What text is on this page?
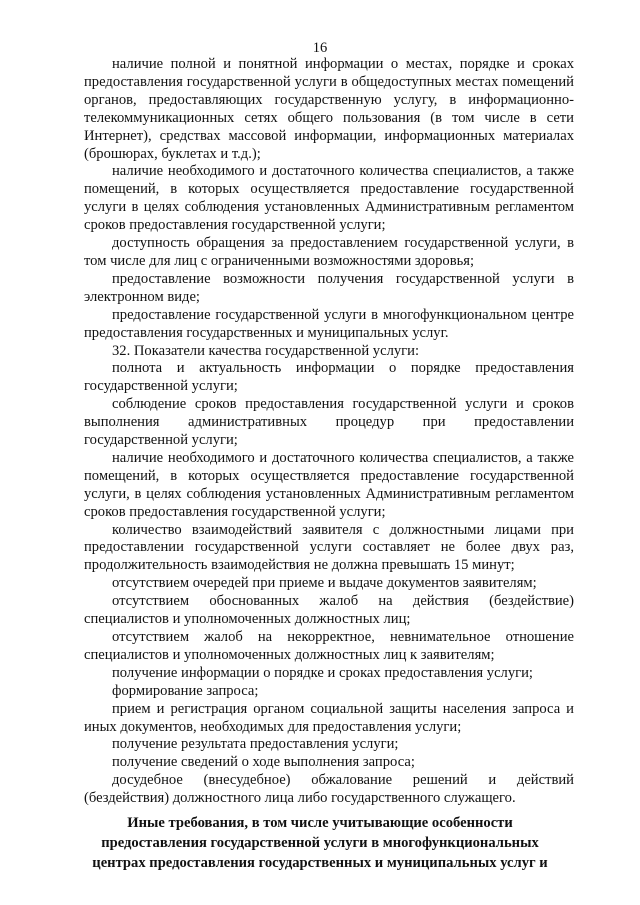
16

наличие полной и понятной информации о местах, порядке и сроках предоставления государственной услуги в общедоступных местах помещений органов, предоставляющих государственную услугу, в информационно-телекоммуникационных сетях общего пользования (в том числе в сети Интернет), средствах массовой информации, информационных материалах (брошюрах, буклетах и т.д.);

наличие необходимого и достаточного количества специалистов, а также помещений, в которых осуществляется предоставление государственной услуги в целях соблюдения установленных Административным регламентом сроков предоставления государственной услуги;

доступность обращения за предоставлением государственной услуги, в том числе для лиц с ограниченными возможностями здоровья;

предоставление возможности получения государственной услуги в электронном виде;

предоставление государственной услуги в многофункциональном центре предоставления государственных и муниципальных услуг.

32. Показатели качества государственной услуги:

полнота и актуальность информации о порядке предоставления государственной услуги;

соблюдение сроков предоставления государственной услуги и сроков выполнения административных процедур при предоставлении государственной услуги;

наличие необходимого и достаточного количества специалистов, а также помещений, в которых осуществляется предоставление государственной услуги, в целях соблюдения установленных Административным регламентом сроков предоставления государственной услуги;

количество взаимодействий заявителя с должностными лицами при предоставлении государственной услуги составляет не более двух раз, продолжительность взаимодействия не должна превышать 15 минут;

отсутствием очередей при приеме и выдаче документов заявителям;

отсутствием обоснованных жалоб на действия (бездействие) специалистов и уполномоченных должностных лиц;

отсутствием жалоб на некорректное, невнимательное отношение специалистов и уполномоченных должностных лиц к заявителям;

получение информации о порядке и сроках предоставления услуги;

формирование запроса;

прием и регистрация органом социальной защиты населения запроса и иных документов, необходимых для предоставления услуги;

получение результата предоставления услуги;

получение сведений о ходе выполнения запроса;

досудебное (внесудебное) обжалование решений и действий (бездействия) должностного лица либо государственного служащего.

Иные требования, в том числе учитывающие особенности
предоставления государственной услуги в многофункциональных
центрах предоставления государственных и муниципальных услуг и
